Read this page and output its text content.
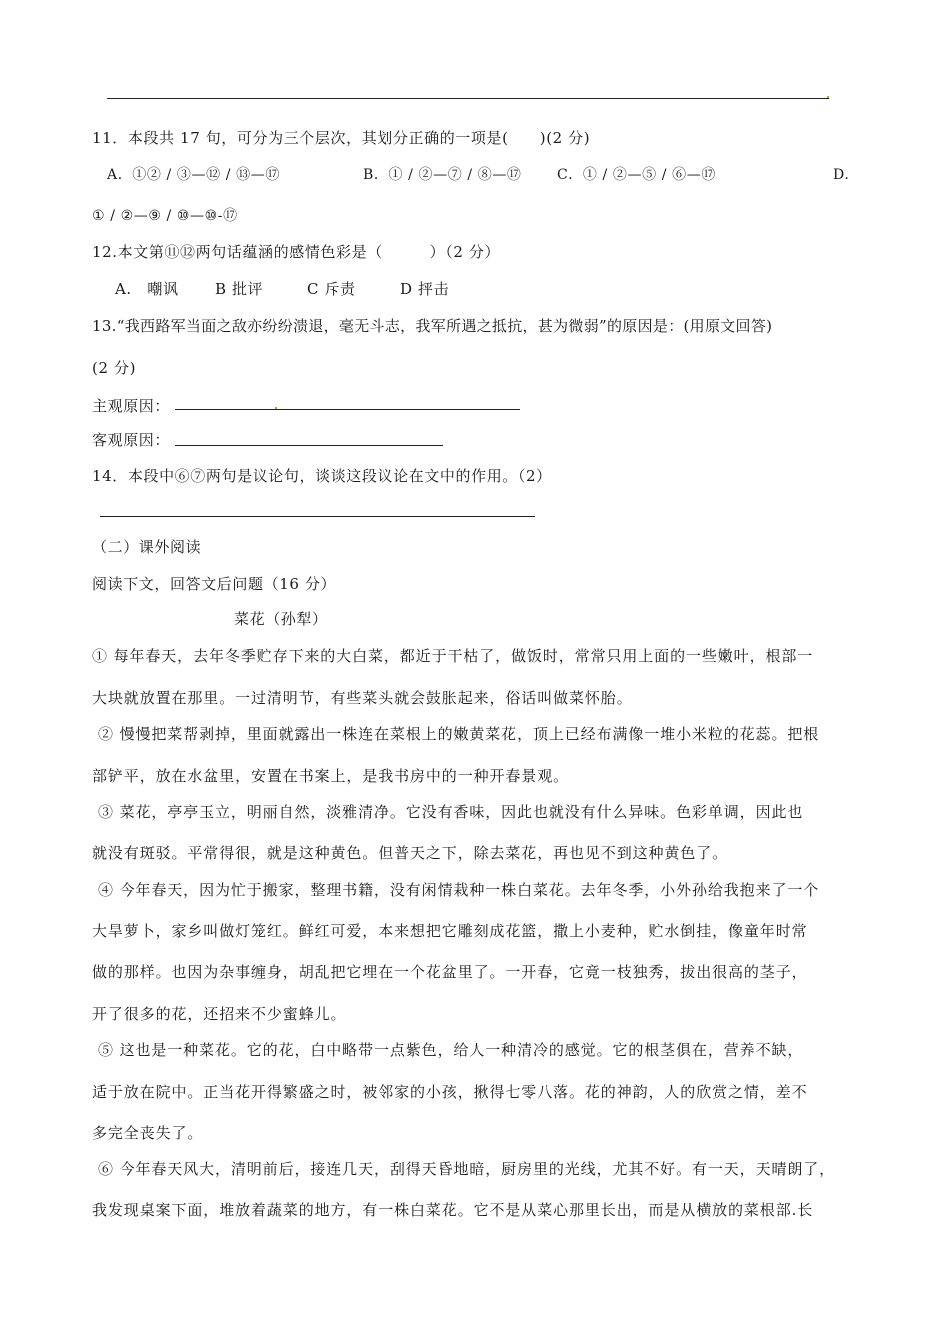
11．本段共 17 句，可分为三个层次，其划分正确的一项是(　　)(2 分)
A．①② / ③—⑫ / ⑬—⑰	B．① / ②—⑦ / ⑧—⑰	C．① / ②—⑤ / ⑥—⑰	D.
① / ②—⑨ / ⑩—⑩-⑰
12.本文第⑪⑫两句话蕴涵的感情色彩是（　　　）（2 分）
A.　嘲讽 B 批评	C 斥责	D 抨击
13.“我西路军当面之敌亦纷纷溃退，毫无斗志，我军所遇之抵抗，甚为微弱”的原因是：(用原文回答)
(2 分)
主观原因：
客观原因：
14．本段中⑥⑦两句是议论句，谈谈这段议论在文中的作用。（2）
（二）课外阅读
阅读下文，回答文后问题（16 分）
菜花（孙犁）
① 每年春天，去年冬季贮存下来的大白菜，都近于干枯了，做饭时，常常只用上面的一些嫩叶，根部一
大块就放置在那里。一过清明节，有些菜头就会鼓胀起来，俗话叫做菜怀胎。
② 慢慢把菜帮剥掉，里面就露出一株连在菜根上的嫩黄菜花，顶上已经布满像一堆小米粒的花蕊。把根
部铲平，放在水盆里，安置在书案上，是我书房中的一种开春景观。
③ 菜花，亭亭玉立，明丽自然，淡雅清净。它没有香味，因此也就没有什么异味。色彩单调，因此也
就没有斑驳。平常得很，就是这种黄色。但普天之下，除去菜花，再也见不到这种黄色了。
④ 今年春天，因为忙于搬家，整理书籍，没有闲情栽种一株白菜花。去年冬季，小外孙给我抱来了一个
大旱萝卜，家乡叫做灯笼红。鲜红可爱，本来想把它雕刻成花篮，撒上小麦种，贮水倒挂，像童年时常
做的那样。也因为杂事缠身，胡乱把它埋在一个花盆里了。一开春，它竟一枝独秀，拔出很高的茎子，
开了很多的花，还招来不少蜜蜂儿。
⑤ 这也是一种菜花。它的花，白中略带一点紫色，给人一种清冷的感觉。它的根茎俱在，营养不缺，
适于放在院中。正当花开得繁盛之时，被邻家的小孩，揪得七零八落。花的神韵，人的欣赏之情，差不
多完全丧失了。
⑥ 今年春天风大，清明前后，接连几天，刮得天昏地暗，厨房里的光线，尤其不好。有一天，天晴朗了，
我发现桌案下面，堆放着蔬菜的地方，有一株白菜花。它不是从菜心那里长出，而是从横放的菜根部.长
